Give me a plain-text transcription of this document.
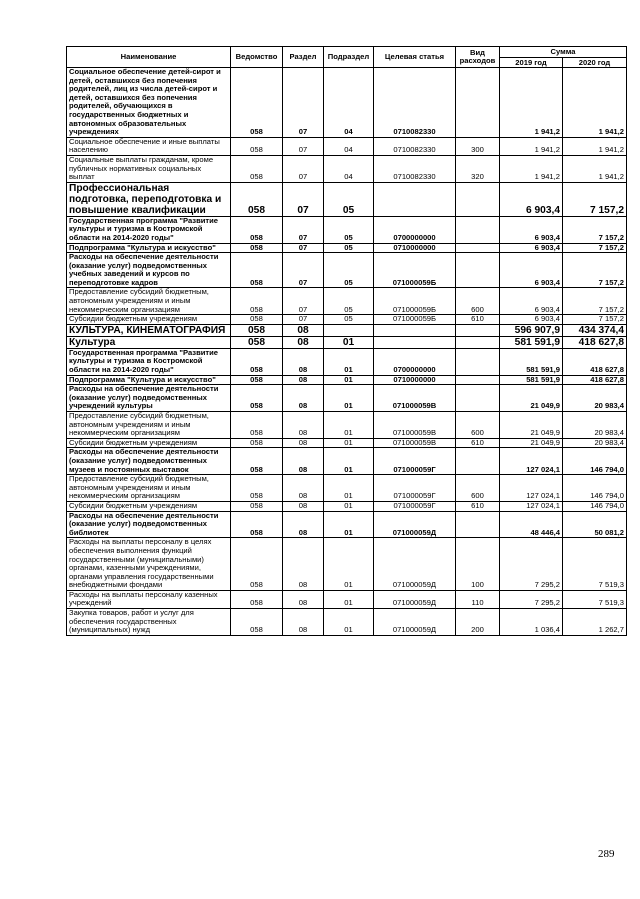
Наименование	Ведомство	Раздел	Подраздел	Целевая статья	Вид расходов	Сумма	
						2019 год	2020 год
Социальное обеспечение детей-сирот и детей, оставшихся без попечения родителей, лиц из числа детей-сирот и детей, оставшихся без попечения родителей, обучающихся в государственных бюджетных и автономных образовательных учреждениях	058	07	04	0710082330		1 941,2	1 941,2
Социальное обеспечение и иные выплаты населению	058	07	04	0710082330	300	1 941,2	1 941,2
Социальные выплаты гражданам, кроме публичных нормативных социальных выплат	058	07	04	0710082330	320	1 941,2	1 941,2
Профессиональная подготовка, переподготовка и повышение квалификации	058	07	05			6 903,4	7 157,2
Государственная программа "Развитие культуры и туризма в Костромской области на 2014-2020 годы"	058	07	05	0700000000		6 903,4	7 157,2
Подпрограмма "Культура и искусство"	058	07	05	0710000000		6 903,4	7 157,2
Расходы на обеспечение деятельности (оказание услуг) подведомственных учебных заведений и курсов по переподготовке кадров	058	07	05	071000059Б		6 903,4	7 157,2
Предоставление субсидий бюджетным, автономным учреждениям и иным некоммерческим организациям	058	07	05	071000059Б	600	6 903,4	7 157,2
Субсидии бюджетным учреждениям	058	07	05	071000059Б	610	6 903,4	7 157,2
КУЛЬТУРА, КИНЕМАТОГРАФИЯ	058	08				596 907,9	434 374,4
Культура	058	08	01			581 591,9	418 627,8
Государственная программа "Развитие культуры и туризма в Костромской области на 2014-2020 годы"	058	08	01	0700000000		581 591,9	418 627,8
Подпрограмма "Культура и искусство"	058	08	01	0710000000		581 591,9	418 627,8
Расходы на обеспечение деятельности (оказание услуг) подведомственных учреждений культуры	058	08	01	071000059В		21 049,9	20 983,4
Предоставление субсидий бюджетным, автономным учреждениям и иным некоммерческим организациям	058	08	01	071000059В	600	21 049,9	20 983,4
Субсидии бюджетным учреждениям	058	08	01	071000059В	610	21 049,9	20 983,4
Расходы на обеспечение деятельности (оказание услуг) подведомственных музеев и постоянных выставок	058	08	01	071000059Г		127 024,1	146 794,0
Предоставление субсидий бюджетным, автономным учреждениям и иным некоммерческим организациям	058	08	01	071000059Г	600	127 024,1	146 794,0
Субсидии бюджетным учреждениям	058	08	01	071000059Г	610	127 024,1	146 794,0
Расходы на обеспечение деятельности (оказание услуг) подведомственных библиотек	058	08	01	071000059Д		48 446,4	50 081,2
Расходы на выплаты персоналу в целях обеспечения выполнения функций государственными (муниципальными) органами, казенными учреждениями, органами управления государственными внебюджетными фондами	058	08	01	071000059Д	100	7 295,2	7 519,3
Расходы на выплаты персоналу казенных учреждений	058	08	01	071000059Д	110	7 295,2	7 519,3
Закупка товаров, работ и услуг для обеспечения государственных (муниципальных) нужд	058	08	01	071000059Д	200	1 036,4	1 262,7
289
